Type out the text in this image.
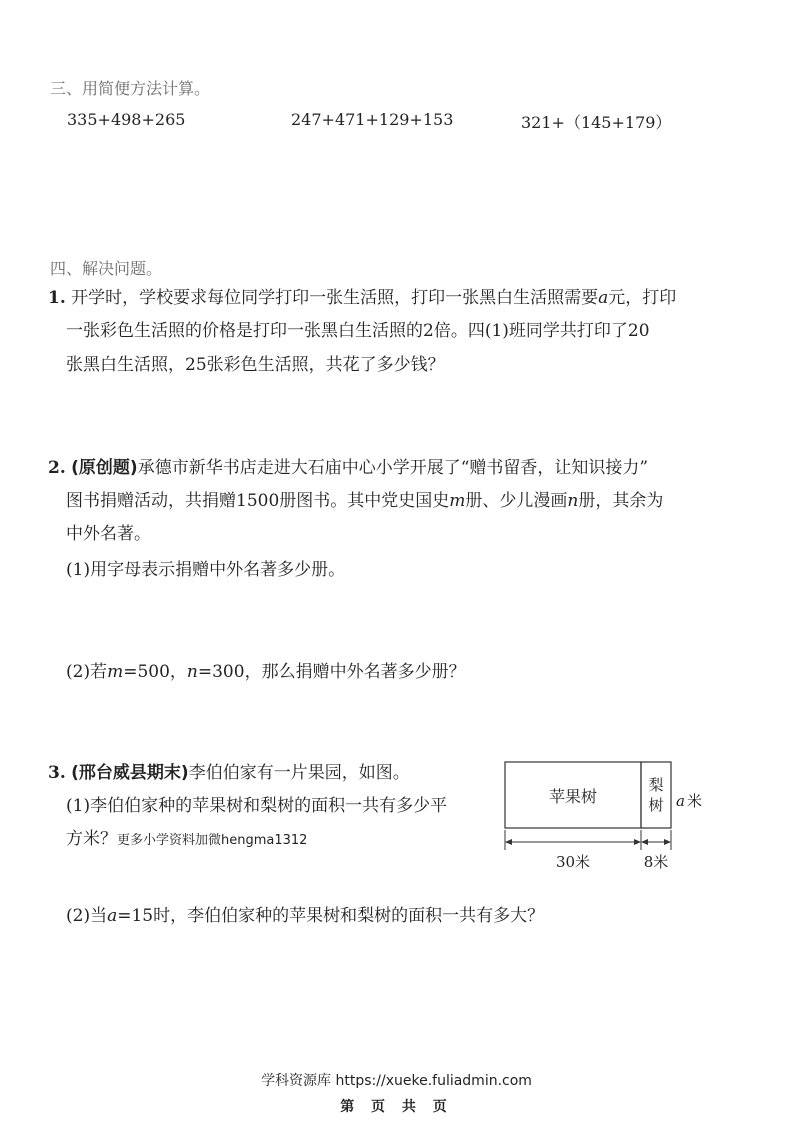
三、用简便方法计算。
335+498+265	247+471+129+153	321+（145+179）
四、解决问题。
1. 开学时，学校要求每位同学打印一张生活照，打印一张黑白生活照需要a元，打印
一张彩色生活照的价格是打印一张黑白生活照的2倍。四(1)班同学共打印了20
张黑白生活照，25张彩色生活照，共花了多少钱？
2. (原创题)承德市新华书店走进大石庙中心小学开展了“赠书留香，让知识接力”
图书捐赠活动，共捐赠1500册图书。其中党史国史m册、少儿漫画n册，其余为
中外名著。
(1)用字母表示捐赠中外名著多少册。
(2)若m=500，n=300，那么捐赠中外名著多少册？
3. (邢台威县期末)李伯伯家有一片果园，如图。
(1)李伯伯家种的苹果树和梨树的面积一共有多少平
方米？更多小学资料加微hengma1312
(2)当a=15时，李伯伯家种的苹果树和梨树的面积一共有多大？
苹果树
梨
树 a 米
30米	8米
学科资源库 https://xueke.fuliadmin.com
第 页 共 页
